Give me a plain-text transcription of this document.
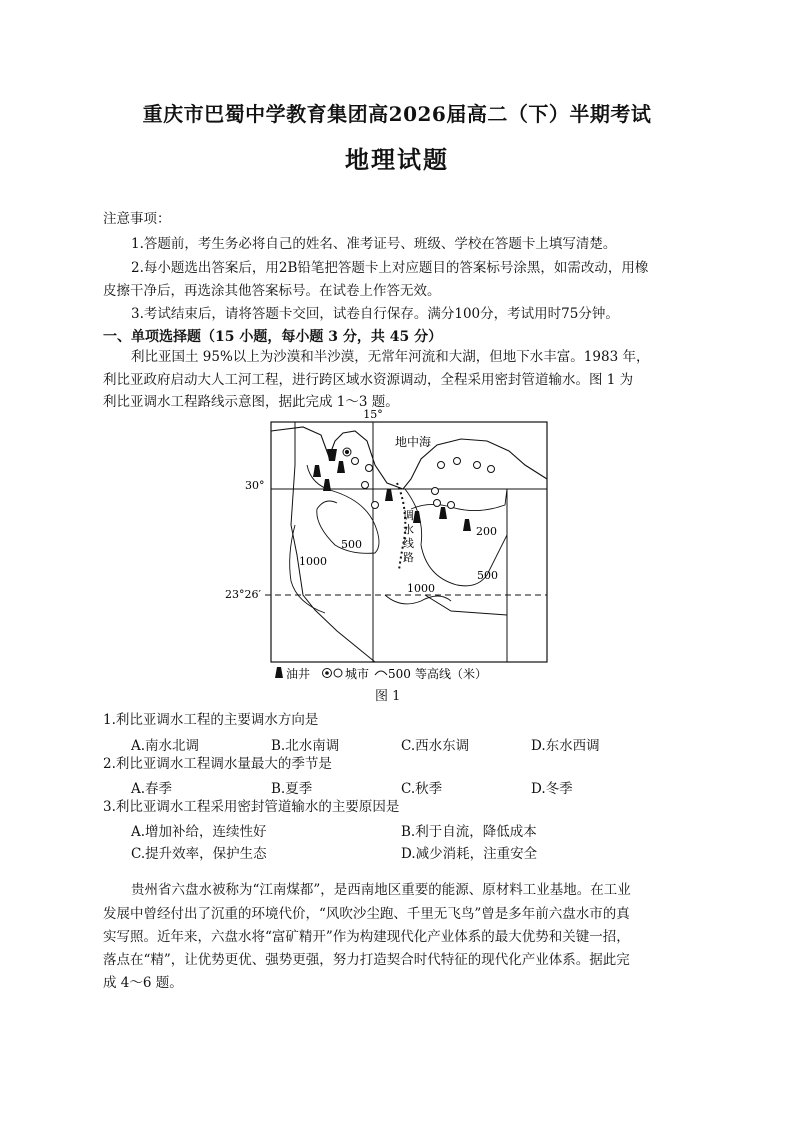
重庆市巴蜀中学教育集团高2026届高二（下）半期考试
地理试题
注意事项：
1.答题前，考生务必将自己的姓名、准考证号、班级、学校在答题卡上填写清楚。
2.每小题选出答案后，用2B铅笔把答题卡上对应题目的答案标号涂黑，如需改动，用橡
皮擦干净后，再选涂其他答案标号。在试卷上作答无效。
3.考试结束后，请将答题卡交回，试卷自行保存。满分100分，考试用时75分钟。
一、单项选择题（15 小题，每小题 3 分，共 45 分）
利比亚国土 95%以上为沙漠和半沙漠，无常年河流和大湖，但地下水丰富。1983 年，
利比亚政府启动大人工河工程，进行跨区域水资源调动，全程采用密封管道输水。图 1 为
利比亚调水工程路线示意图，据此完成 1～3 题。
15°
30°
23°26′
地中海
500
1000
1000
500
200
调
水
线
路
油井	城市 500 等高线（米）
图 1
1.利比亚调水工程的主要调水方向是
A.南水北调	B.北水南调	C.西水东调	D.东水西调
2.利比亚调水工程调水量最大的季节是
A.春季	B.夏季	C.秋季	D.冬季
3.利比亚调水工程采用密封管道输水的主要原因是
A.增加补给，连续性好	B.利于自流，降低成本
C.提升效率，保护生态	D.减少消耗，注重安全
贵州省六盘水被称为“江南煤都”，是西南地区重要的能源、原材料工业基地。在工业
发展中曾经付出了沉重的环境代价，“风吹沙尘跑、千里无飞鸟”曾是多年前六盘水市的真
实写照。近年来，六盘水将“富矿精开”作为构建现代化产业体系的最大优势和关键一招，
落点在“精”，让优势更优、强势更强，努力打造契合时代特征的现代化产业体系。据此完
成 4～6 题。
